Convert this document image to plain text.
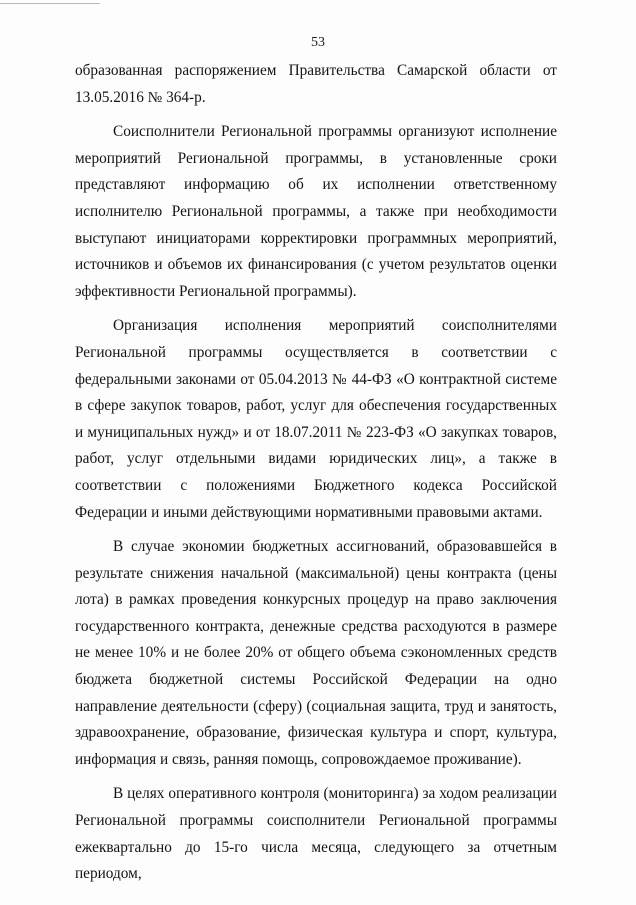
53

образованная распоряжением Правительства Самарской области от 13.05.2016 № 364-р.

Соисполнители Региональной программы организуют исполнение мероприятий Региональной программы, в установленные сроки представляют информацию об их исполнении ответственному исполнителю Региональной программы, а также при необходимости выступают инициаторами корректировки программных мероприятий, источников и объемов их финансирования (с учетом результатов оценки эффективности Региональной программы).

Организация исполнения мероприятий соисполнителями Региональной программы осуществляется в соответствии с федеральными законами от 05.04.2013 № 44-ФЗ «О контрактной системе в сфере закупок товаров, работ, услуг для обеспечения государственных и муниципальных нужд» и от 18.07.2011 № 223-ФЗ «О закупках товаров, работ, услуг отдельными видами юридических лиц», а также в соответствии с положениями Бюджетного кодекса Российской Федерации и иными действующими нормативными правовыми актами.

В случае экономии бюджетных ассигнований, образовавшейся в результате снижения начальной (максимальной) цены контракта (цены лота) в рамках проведения конкурсных процедур на право заключения государственного контракта, денежные средства расходуются в размере не менее 10% и не более 20% от общего объема сэкономленных средств бюджета бюджетной системы Российской Федерации на одно направление деятельности (сферу) (социальная защита, труд и занятость, здравоохранение, образование, физическая культура и спорт, культура, информация и связь, ранняя помощь, сопровождаемое проживание).

В целях оперативного контроля (мониторинга) за ходом реализации Региональной программы соисполнители Региональной программы ежеквартально до 15-го числа месяца, следующего за отчетным периодом,
